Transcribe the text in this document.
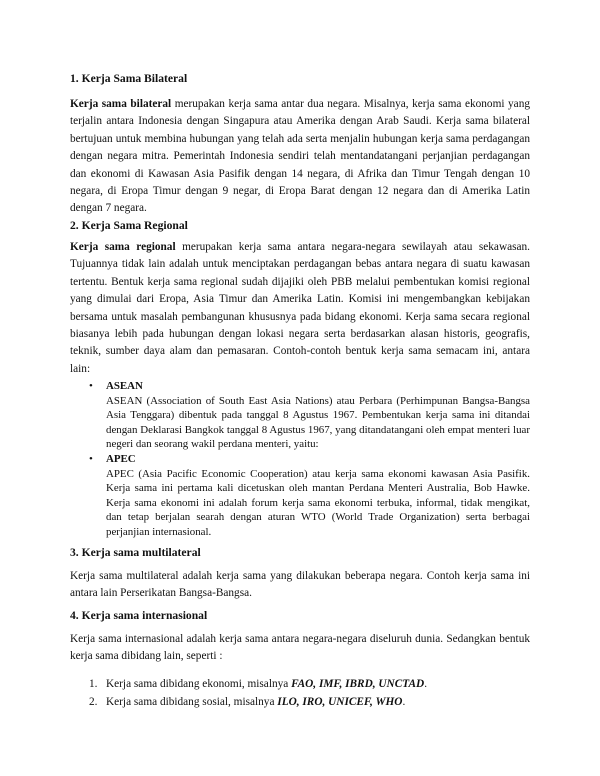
1. Kerja Sama Bilateral

Kerja sama bilateral merupakan kerja sama antar dua negara. Misalnya, kerja sama ekonomi yang terjalin antara Indonesia dengan Singapura atau Amerika dengan Arab Saudi. Kerja sama bilateral bertujuan untuk membina hubungan yang telah ada serta menjalin hubungan kerja sama perdagangan dengan negara mitra. Pemerintah Indonesia sendiri telah mentandatangani perjanjian perdagangan dan ekonomi di Kawasan Asia Pasifik dengan 14 negara, di Afrika dan Timur Tengah dengan 10 negara, di Eropa Timur dengan 9 negar, di Eropa Barat dengan 12 negara dan di Amerika Latin dengan 7 negara.

2. Kerja Sama Regional

Kerja sama regional merupakan kerja sama antara negara-negara sewilayah atau sekawasan. Tujuannya tidak lain adalah untuk menciptakan perdagangan bebas antara negara di suatu kawasan tertentu. Bentuk kerja sama regional sudah dijajiki oleh PBB melalui pembentukan komisi regional yang dimulai dari Eropa, Asia Timur dan Amerika Latin. Komisi ini mengembangkan kebijakan bersama untuk masalah pembangunan khususnya pada bidang ekonomi. Kerja sama secara regional biasanya lebih pada hubungan dengan lokasi negara serta berdasarkan alasan historis, geografis, teknik, sumber daya alam dan pemasaran. Contoh-contoh bentuk kerja sama semacam ini, antara lain:

• ASEAN
ASEAN (Association of South East Asia Nations) atau Perbara (Perhimpunan Bangsa-Bangsa Asia Tenggara) dibentuk pada tanggal 8 Agustus 1967. Pembentukan kerja sama ini ditandai dengan Deklarasi Bangkok tanggal 8 Agustus 1967, yang ditandatangani oleh empat menteri luar negeri dan seorang wakil perdana menteri, yaitu:
• APEC
APEC (Asia Pacific Economic Cooperation) atau kerja sama ekonomi kawasan Asia Pasifik. Kerja sama ini pertama kali dicetuskan oleh mantan Perdana Menteri Australia, Bob Hawke. Kerja sama ekonomi ini adalah forum kerja sama ekonomi terbuka, informal, tidak mengikat, dan tetap berjalan searah dengan aturan WTO (World Trade Organization) serta berbagai perjanjian internasional.
3. Kerja sama multilateral

Kerja sama multilateral adalah kerja sama yang dilakukan beberapa negara. Contoh kerja sama ini antara lain Perserikatan Bangsa-Bangsa.

4. Kerja sama internasional

Kerja sama internasional adalah kerja sama antara negara-negara diseluruh dunia. Sedangkan bentuk kerja sama dibidang lain, seperti :

1. Kerja sama dibidang ekonomi, misalnya FAO, IMF, IBRD, UNCTAD.
2. Kerja sama dibidang sosial, misalnya ILO, IRO, UNICEF, WHO.
